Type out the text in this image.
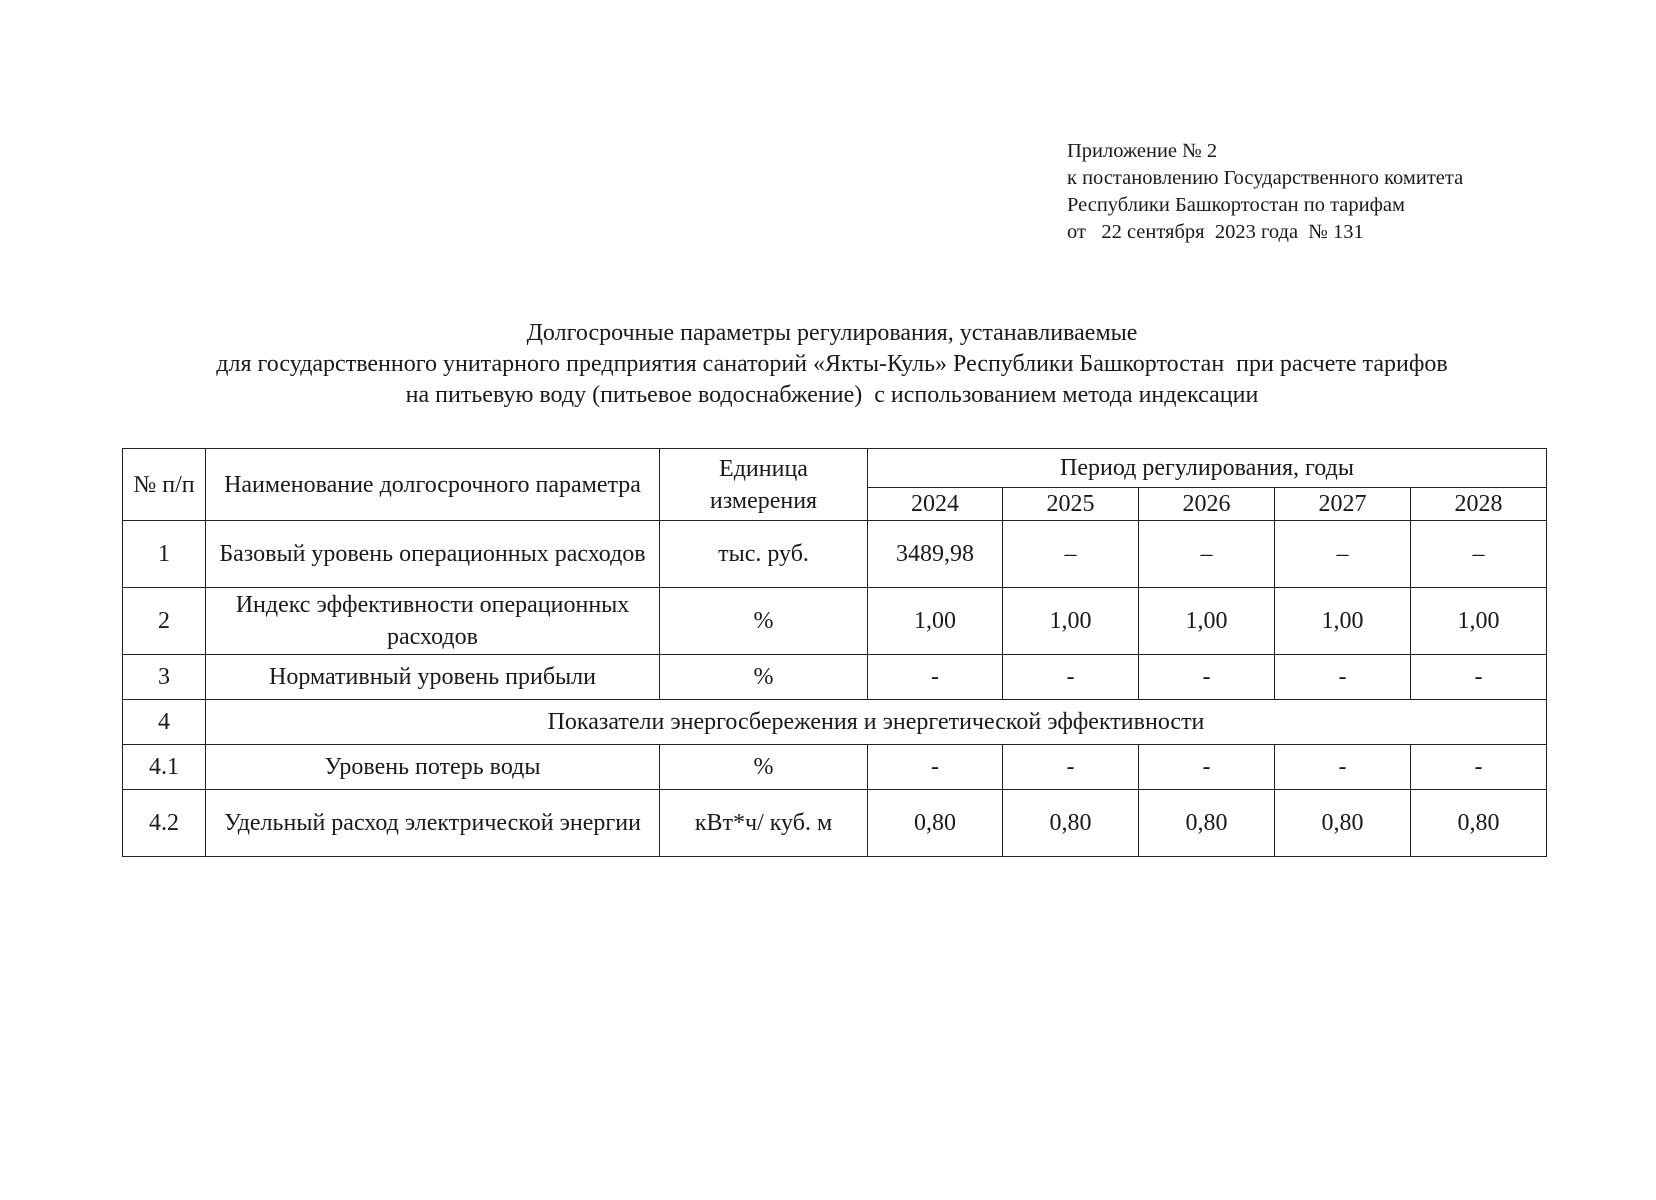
Приложение № 2
к постановлению Государственного комитета
Республики Башкортостан по тарифам
от   22 сентября  2023 года  № 131
Долгосрочные параметры регулирования, устанавливаемые
для государственного унитарного предприятия санаторий «Якты-Куль» Республики Башкортостан  при расчете тарифов
на питьевую воду (питьевое водоснабжение)  с использованием метода индексации
№ п/п	Наименование долгосрочного параметра	Единица измерения	Период регулирования, годы				
			2024	2025	2026	2027	2028
1	Базовый уровень операционных расходов	тыс. руб.	3489,98	–	–	–	–
2	Индекс эффективности операционных расходов	%	1,00	1,00	1,00	1,00	1,00
3	Нормативный уровень прибыли	%	-	-	-	-	-
4	Показатели энергосбережения и энергетической эффективности						
4.1	Уровень потерь воды	%	-	-	-	-	-
4.2	Удельный расход электрической энергии	кВт*ч/ куб. м	0,80	0,80	0,80	0,80	0,80
